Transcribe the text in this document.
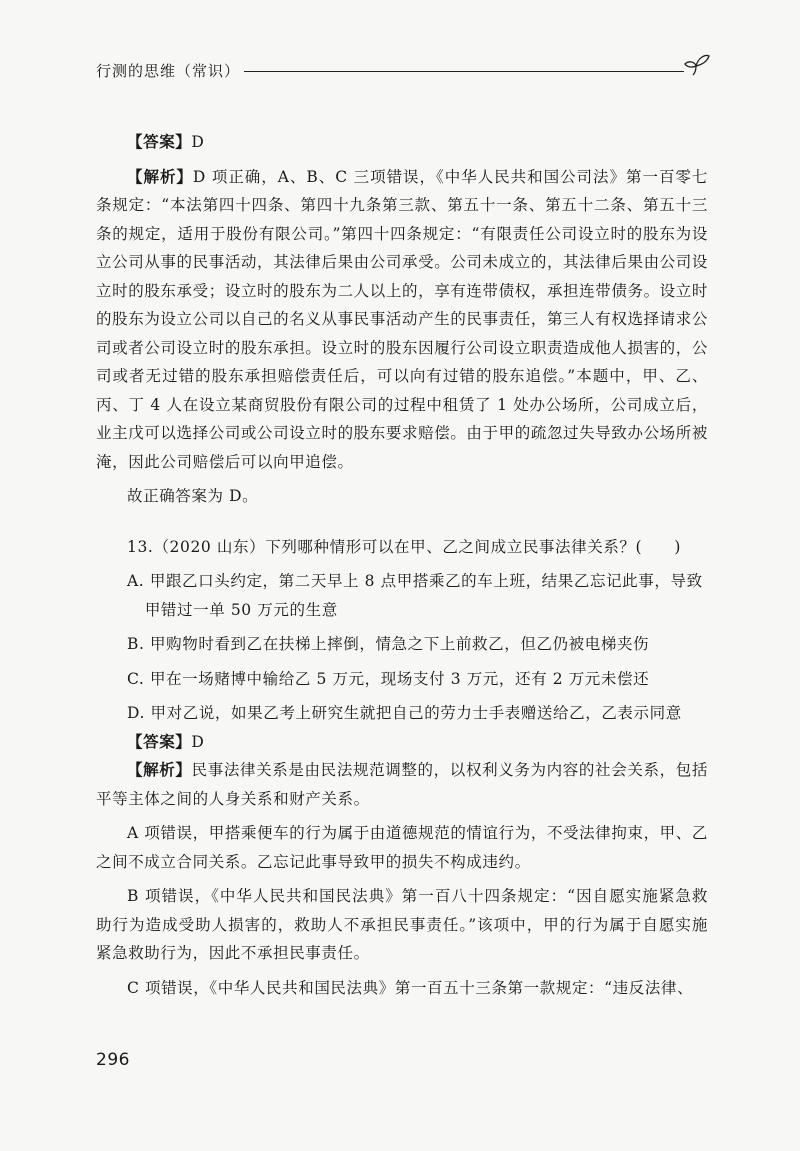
行测的思维（常识）

【答案】D

【解析】D 项正确，A、B、C 三项错误，《中华人民共和国公司法》第一百零七条规定：“本法第四十四条、第四十九条第三款、第五十一条、第五十二条、第五十三条的规定，适用于股份有限公司。”第四十四条规定：“有限责任公司设立时的股东为设立公司从事的民事活动，其法律后果由公司承受。公司未成立的，其法律后果由公司设立时的股东承受；设立时的股东为二人以上的，享有连带债权，承担连带债务。设立时的股东为设立公司以自己的名义从事民事活动产生的民事责任，第三人有权选择请求公司或者公司设立时的股东承担。设立时的股东因履行公司设立职责造成他人损害的，公司或者无过错的股东承担赔偿责任后，可以向有过错的股东追偿。”本题中，甲、乙、丙、丁 4 人在设立某商贸股份有限公司的过程中租赁了 1 处办公场所，公司成立后，业主戊可以选择公司或公司设立时的股东要求赔偿。由于甲的疏忽过失导致办公场所被淹，因此公司赔偿后可以向甲追偿。

故正确答案为 D。

13.（2020 山东）下列哪种情形可以在甲、乙之间成立民事法律关系？(　　)

A. 甲跟乙口头约定，第二天早上 8 点甲搭乘乙的车上班，结果乙忘记此事，导致

甲错过一单 50 万元的生意

B. 甲购物时看到乙在扶梯上摔倒，情急之下上前救乙，但乙仍被电梯夹伤

C. 甲在一场赌博中输给乙 5 万元，现场支付 3 万元，还有 2 万元未偿还

D. 甲对乙说，如果乙考上研究生就把自己的劳力士手表赠送给乙，乙表示同意

【答案】D

【解析】民事法律关系是由民法规范调整的，以权利义务为内容的社会关系，包括平等主体之间的人身关系和财产关系。

A 项错误，甲搭乘便车的行为属于由道德规范的情谊行为，不受法律拘束，甲、乙之间不成立合同关系。乙忘记此事导致甲的损失不构成违约。

B 项错误，《中华人民共和国民法典》第一百八十四条规定：“因自愿实施紧急救助行为造成受助人损害的，救助人不承担民事责任。”该项中，甲的行为属于自愿实施紧急救助行为，因此不承担民事责任。

C 项错误，《中华人民共和国民法典》第一百五十三条第一款规定：“违反法律、

296
